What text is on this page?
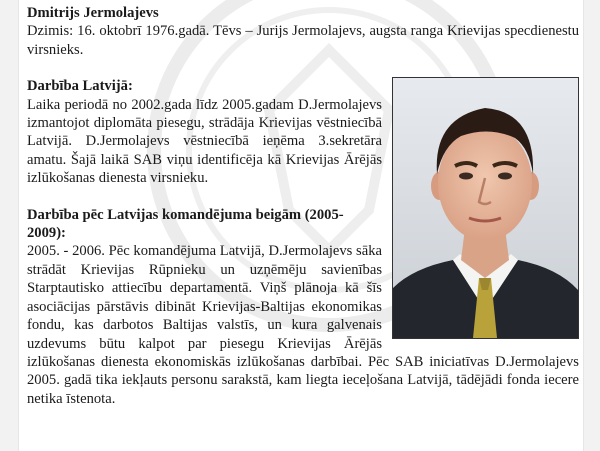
Dmitrijs Jermolajevs

Dzimis: 16. oktobrī 1976.gadā. Tēvs – Jurijs Jermolajevs, augsta ranga Krievijas specdienestu virsnieks.

Darbība Latvijā:

Laika periodā no 2002.gada līdz 2005.gadam D.Jermolajevs izmantojot diplomāta piesegu, strādāja Krievijas vēstniecībā Latvijā. D.Jermolajevs vēstniecībā ieņēma 3.sekretāra amatu. Šajā laikā SAB viņu identificēja kā Krievijas Ārējās izlūkošanas dienesta virsnieku.

Darbība pēc Latvijas komandējuma beigām (2005-2009):

2005. - 2006. Pēc komandējuma Latvijā, D.Jermolajevs sāka strādāt Krievijas Rūpnieku un uzņēmēju savienības Starptautisko attiecību departamentā. Viņš plānoja kā šīs asociācijas pārstāvis dibināt Krievijas-Baltijas ekonomikas fondu, kas darbotos Baltijas valstīs, un kura galvenais uzdevums būtu kalpot par piesegu Krievijas Ārējās izlūkošanas dienesta ekonomiskās izlūkošanas darbībai. Pēc SAB iniciatīvas D.Jermolajevs 2005. gadā tika iekļauts personu sarakstā, kam liegta ieceļošana Latvijā, tādējādi fonda iecere netika īstenota.
